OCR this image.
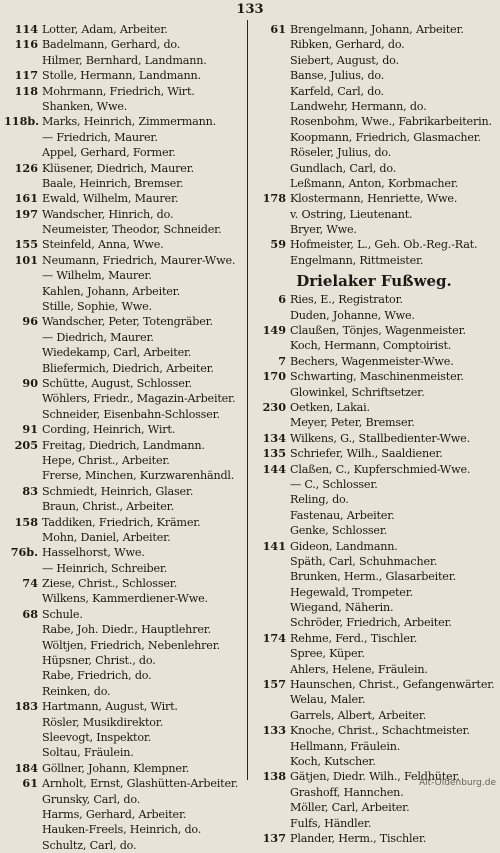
133
114 Lotter, Adam, Arbeiter.
116 Badelmann, Gerhard, do.
Hilmer, Bernhard, Landmann.
117 Stolle, Hermann, Landmann.
118 Mohrmann, Friedrich, Wirt.
Shanken, Wwe.
118b. Marks, Heinrich, Zimmermann.
— Friedrich, Maurer.
Appel, Gerhard, Former.
126 Klüsener, Diedrich, Maurer.
Baale, Heinrich, Bremser.
161 Ewald, Wilhelm, Maurer.
197 Wandscher, Hinrich, do.
Neumeister, Theodor, Schneider.
155 Steinfeld, Anna, Wwe.
101 Neumann, Friedrich, Maurer-Wwe.
— Wilhelm, Maurer.
Kahlen, Johann, Arbeiter.
Stille, Sophie, Wwe.
96 Wandscher, Peter, Totengräber.
— Diedrich, Maurer.
Wiedekamp, Carl, Arbeiter.
Bliefermich, Diedrich, Arbeiter.
90 Schütte, August, Schlosser.
Wöhlers, Friedr., Magazin-Arbeiter.
Schneider, Eisenbahn-Schlosser.
91 Cording, Heinrich, Wirt.
205 Freitag, Diedrich, Landmann.
Hepe, Christ., Arbeiter.
Frerse, Minchen, Kurzwarenhändl.
83 Schmiedt, Heinrich, Glaser.
Braun, Christ., Arbeiter.
158 Taddiken, Friedrich, Krämer.
Mohn, Daniel, Arbeiter.
76b. Hasselhorst, Wwe.
— Heinrich, Schreiber.
74 Ziese, Christ., Schlosser.
Wilkens, Kammerdiener-Wwe.
68 Schule.
Rabe, Joh. Diedr., Hauptlehrer.
Wöltjen, Friedrich, Nebenlehrer.
Hüpsner, Christ., do.
Rabe, Friedrich, do.
Reinken, do.
183 Hartmann, August, Wirt.
Rösler, Musikdirektor.
Sleevogt, Inspektor.
Soltau, Fräulein.
184 Göllner, Johann, Klempner.
61 Arnholt, Ernst, Glashütten-Arbeiter.
Grunsky, Carl, do.
Harms, Gerhard, Arbeiter.
Hauken-Freels, Heinrich, do.
Schultz, Carl, do.
61 Brengelmann, Johann, Arbeiter.
Ribken, Gerhard, do.
Siebert, August, do.
Banse, Julius, do.
Karfeld, Carl, do.
Landwehr, Hermann, do.
Rosenbohm, Wwe., Fabrikarbeiterin.
Koopmann, Friedrich, Glasmacher.
Röseler, Julius, do.
Gundlach, Carl, do.
Leßmann, Anton, Korbmacher.
178 Klostermann, Henriette, Wwe.
v. Ostring, Lieutenant.
Bryer, Wwe.
59 Hofmeister, L., Geh. Ob.-Reg.-Rat.
Engelmann, Rittmeister.
Drielaker Fußweg.
6 Ries, E., Registrator.
Duden, Johanne, Wwe.
149 Claußen, Tönjes, Wagenmeister.
Koch, Hermann, Comptoirist.
7 Bechers, Wagenmeister-Wwe.
170 Schwarting, Maschinenmeister.
Glowinkel, Schriftsetzer.
230 Oetken, Lakai.
Meyer, Peter, Bremser.
134 Wilkens, G., Stallbedienter-Wwe.
135 Schriefer, Wilh., Saaldiener.
144 Claßen, C., Kupferschmied-Wwe.
— C., Schlosser.
Reling, do.
Fastenau, Arbeiter.
Genke, Schlosser.
141 Gideon, Landmann.
Späth, Carl, Schuhmacher.
Brunken, Herm., Glasarbeiter.
Hegewald, Trompeter.
Wiegand, Näherin.
Schröder, Friedrich, Arbeiter.
174 Rehme, Ferd., Tischler.
Spree, Küper.
Ahlers, Helene, Fräulein.
157 Haunschen, Christ., Gefangenwärter.
Welau, Maler.
Garrels, Albert, Arbeiter.
133 Knoche, Christ., Schachtmeister.
Hellmann, Fräulein.
Koch, Kutscher.
138 Gätjen, Diedr. Wilh., Feldhüter.
Grashoff, Hannchen.
Möller, Carl, Arbeiter.
Fulfs, Händler.
137 Plander, Herm., Tischler.
Alt-Oldenburg.de
